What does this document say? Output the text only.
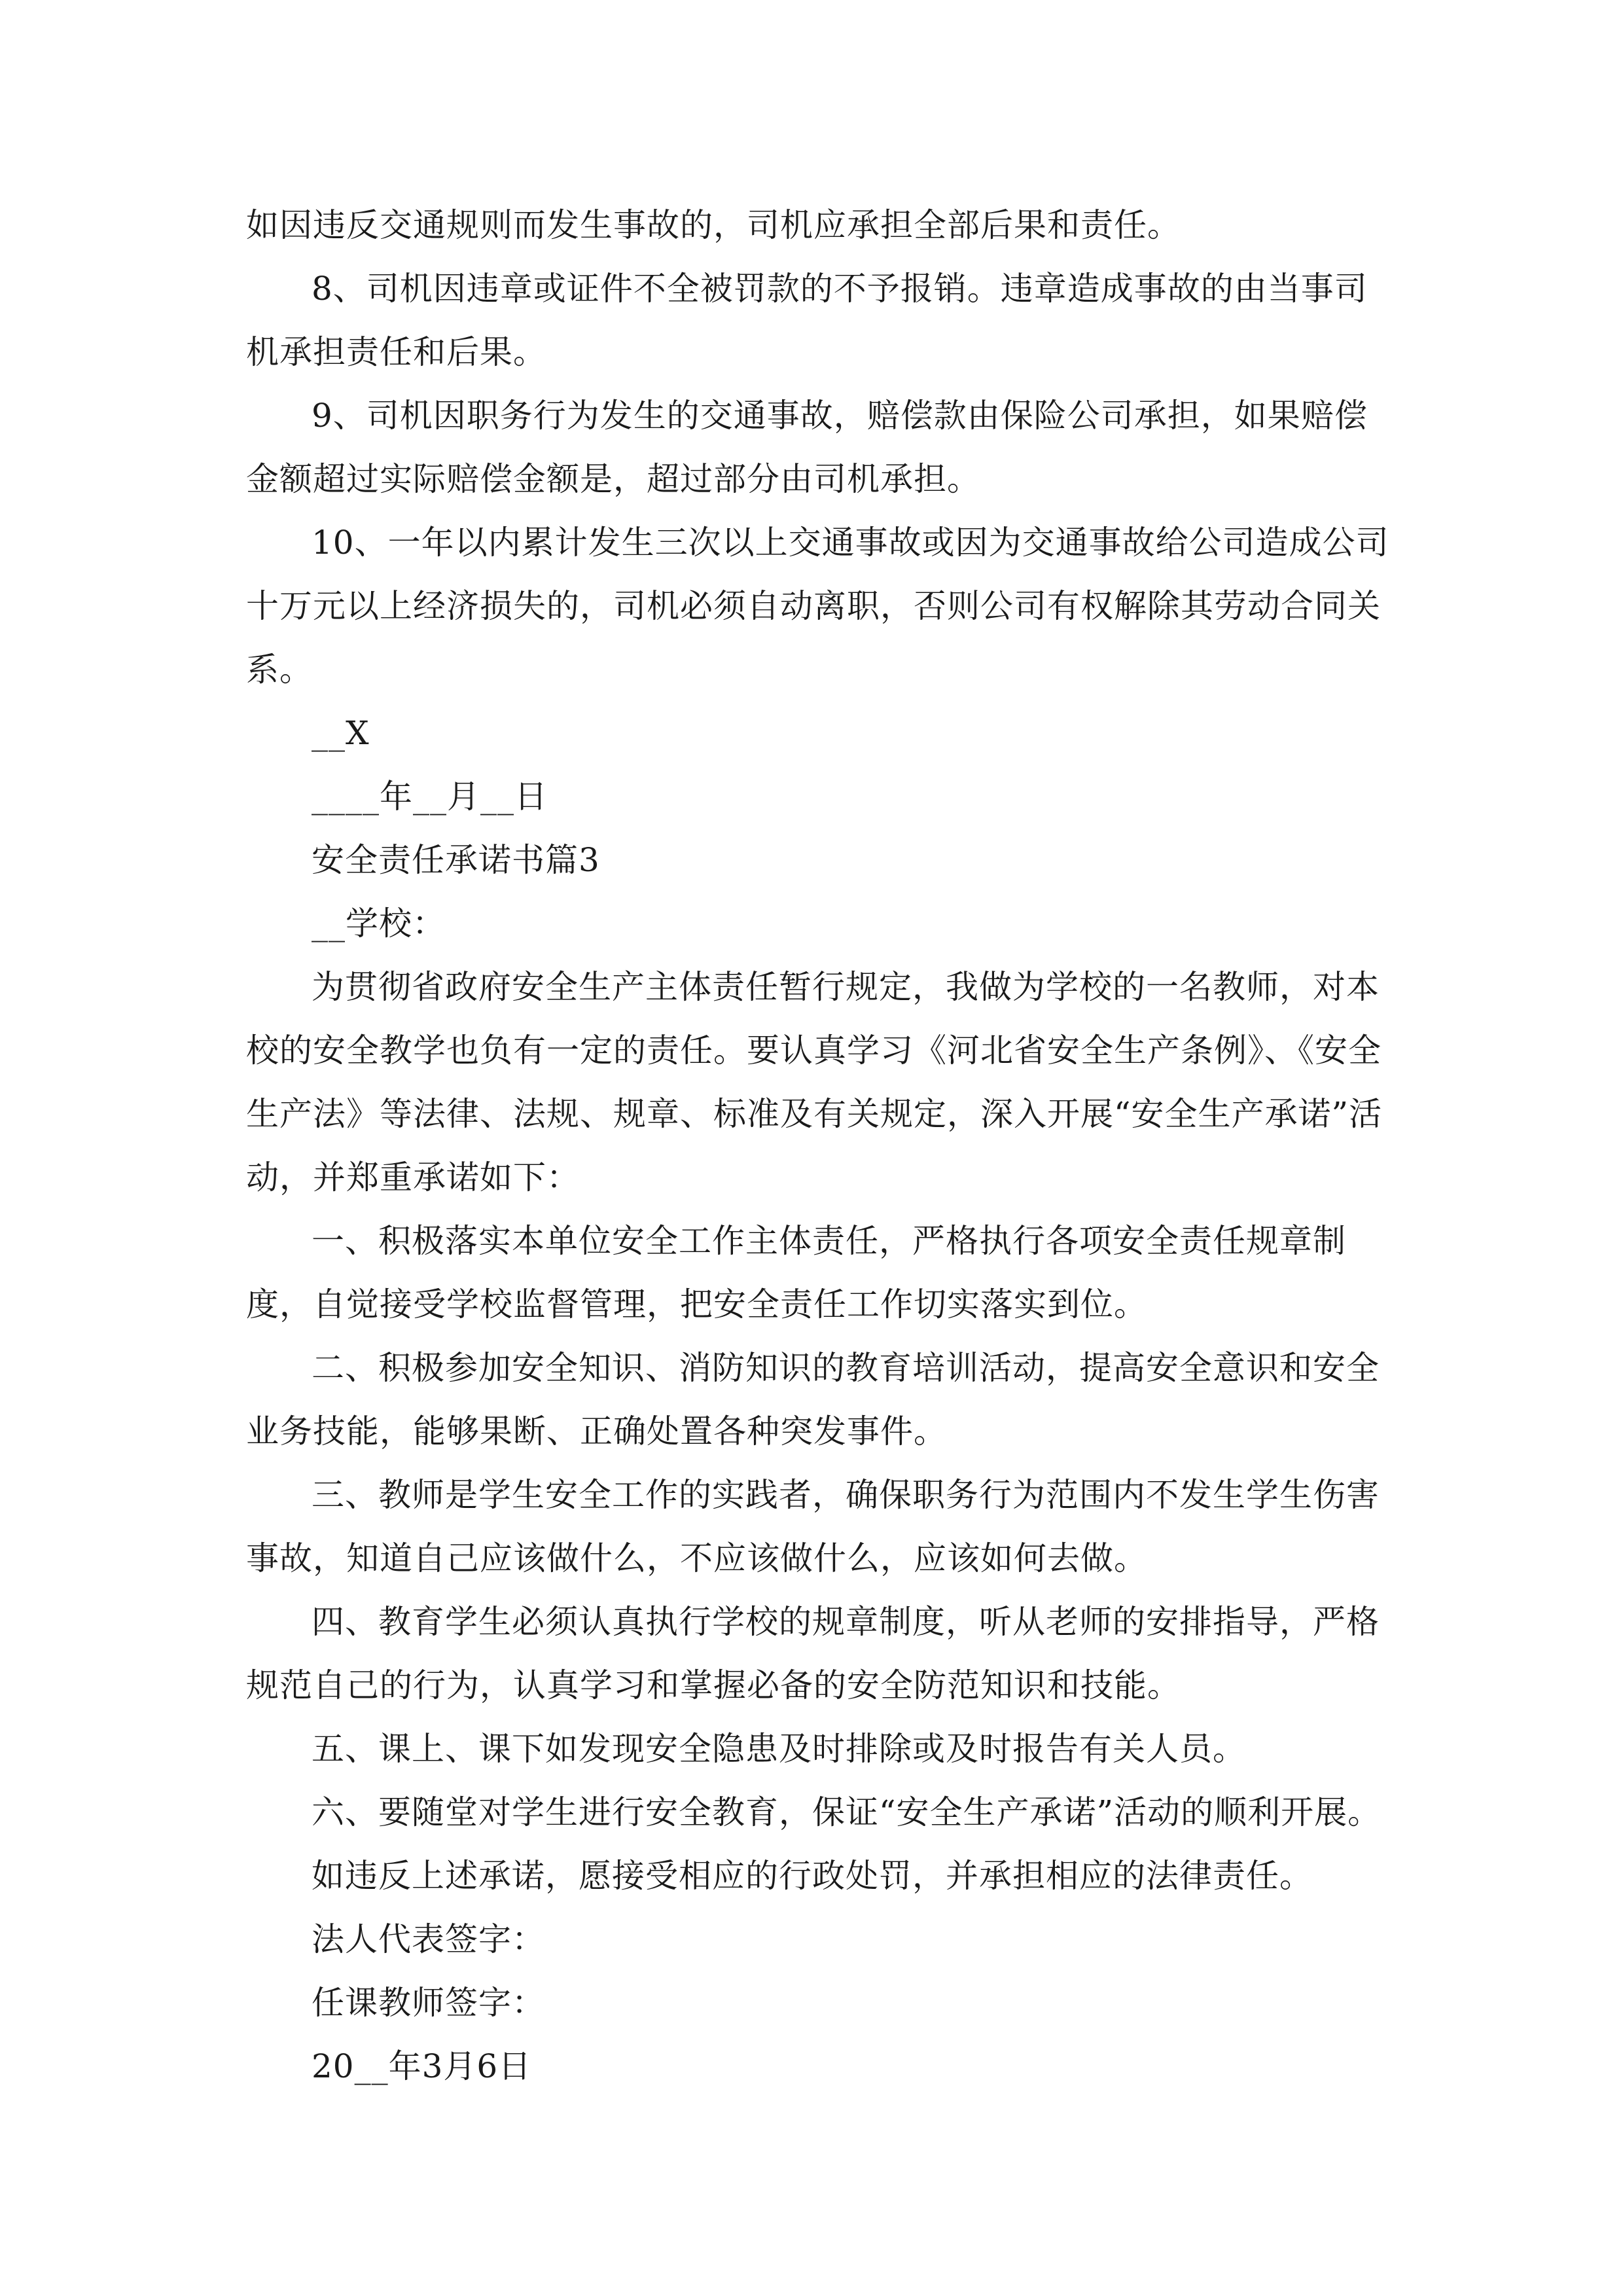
如因违反交通规则而发生事故的，司机应承担全部后果和责任。

8、司机因违章或证件不全被罚款的不予报销。违章造成事故的由当事司机承担责任和后果。

9、司机因职务行为发生的交通事故，赔偿款由保险公司承担，如果赔偿金额超过实际赔偿金额是，超过部分由司机承担。

10、一年以内累计发生三次以上交通事故或因为交通事故给公司造成公司十万元以上经济损失的，司机必须自动离职，否则公司有权解除其劳动合同关系。

__X

____年__月__日

安全责任承诺书篇3

__学校：

为贯彻省政府安全生产主体责任暂行规定，我做为学校的一名教师，对本校的安全教学也负有一定的责任。要认真学习《河北省安全生产条例》、《安全生产法》等法律、法规、规章、标准及有关规定，深入开展“安全生产承诺”活动，并郑重承诺如下：

一、积极落实本单位安全工作主体责任，严格执行各项安全责任规章制度，自觉接受学校监督管理，把安全责任工作切实落实到位。

二、积极参加安全知识、消防知识的教育培训活动，提高安全意识和安全业务技能，能够果断、正确处置各种突发事件。

三、教师是学生安全工作的实践者，确保职务行为范围内不发生学生伤害事故，知道自己应该做什么，不应该做什么，应该如何去做。

四、教育学生必须认真执行学校的规章制度，听从老师的安排指导，严格规范自己的行为，认真学习和掌握必备的安全防范知识和技能。

五、课上、课下如发现安全隐患及时排除或及时报告有关人员。

六、要随堂对学生进行安全教育，保证“安全生产承诺”活动的顺利开展。

如违反上述承诺，愿接受相应的行政处罚，并承担相应的法律责任。

法人代表签字：

任课教师签字：

20__年3月6日
